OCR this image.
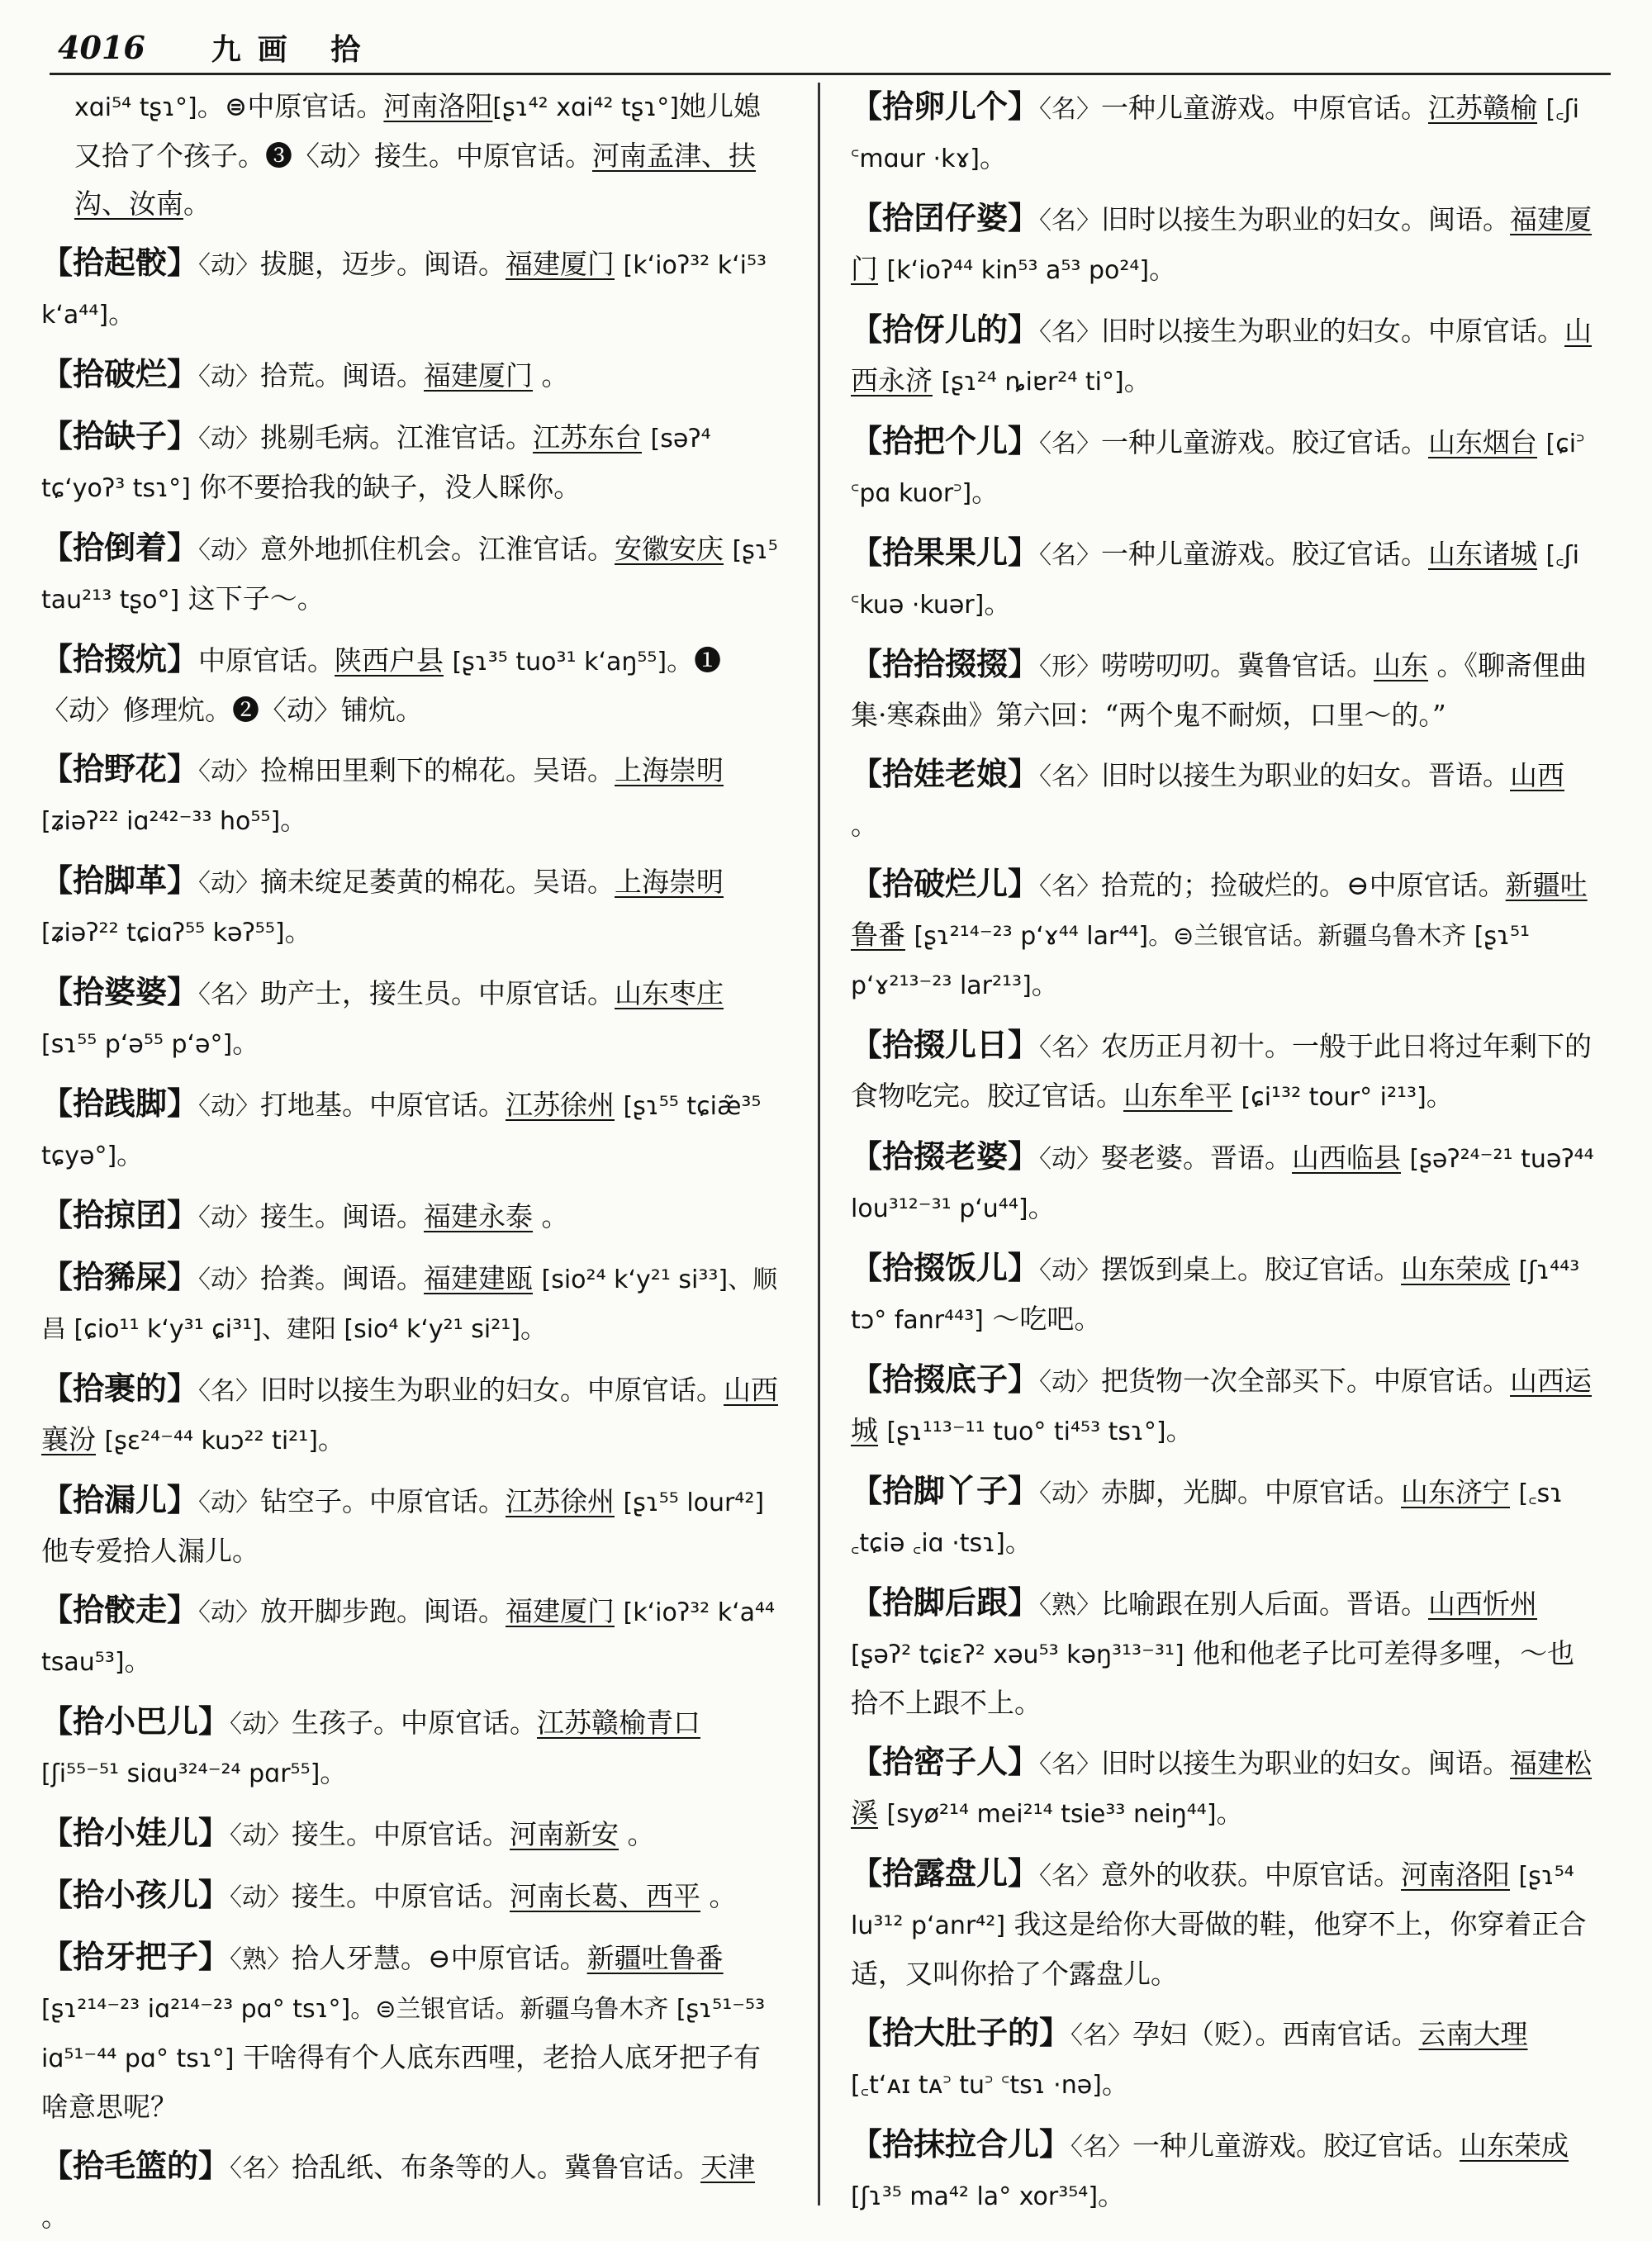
4016 九画 拾
xɑi⁵⁴ tʂɿ°]。⊜中原官话。河南洛阳[ʂɿ⁴² xɑi⁴² tʂɿ°]她儿媳又拾了个孩子。❸〈动〉接生。中原官话。河南孟津、扶沟、汝南。
【拾起骹】〈动〉拔腿，迈步。闽语。福建厦门 [kʻioʔ³² kʻi⁵³ kʻa⁴⁴]。
【拾破烂】〈动〉拾荒。闽语。福建厦门 。
【拾缺子】〈动〉挑剔毛病。江淮官话。江苏东台 [səʔ⁴ tɕʻyoʔ³ tsɿ°] 你不要拾我的缺子，没人睬你。
【拾倒着】〈动〉意外地抓住机会。江淮官话。安徽安庆 [ʂɿ⁵ tau²¹³ tʂo°] 这下子～。
【拾掇炕】中原官话。陕西户县 [ʂɿ³⁵ tuo³¹ kʻaŋ⁵⁵]。❶〈动〉修理炕。❷〈动〉铺炕。
【拾野花】〈动〉捡棉田里剩下的棉花。吴语。上海崇明 [ʑiəʔ²² iɑ²⁴²⁻³³ ho⁵⁵]。
【拾脚革】〈动〉摘未绽足萎黄的棉花。吴语。上海崇明 [ʑiəʔ²² tɕiɑʔ⁵⁵ kəʔ⁵⁵]。
【拾婆婆】〈名〉助产士，接生员。中原官话。山东枣庄 [sɿ⁵⁵ pʻə⁵⁵ pʻə°]。
【拾践脚】〈动〉打地基。中原官话。江苏徐州 [ʂɿ⁵⁵ tɕiæ̃³⁵ tɕyə°]。
【拾掠囝】〈动〉接生。闽语。福建永泰 。
【拾豨屎】〈动〉拾粪。闽语。福建建瓯 [sio²⁴ kʻy²¹ si³³]、顺昌 [ɕio¹¹ kʻy³¹ ɕi³¹]、建阳 [sio⁴ kʻy²¹ si²¹]。
【拾裹的】〈名〉旧时以接生为职业的妇女。中原官话。山西襄汾 [ʂɛ²⁴⁻⁴⁴ kuɔ²² ti²¹]。
【拾漏儿】〈动〉钻空子。中原官话。江苏徐州 [ʂɿ⁵⁵ lour⁴²] 他专爱拾人漏儿。
【拾骹走】〈动〉放开脚步跑。闽语。福建厦门 [kʻioʔ³² kʻa⁴⁴ tsau⁵³]。
【拾小巴儿】〈动〉生孩子。中原官话。江苏赣榆青口 [ʃi⁵⁵⁻⁵¹ siɑu³²⁴⁻²⁴ pɑr⁵⁵]。
【拾小娃儿】〈动〉接生。中原官话。河南新安 。
【拾小孩儿】〈动〉接生。中原官话。河南长葛、西平 。
【拾牙把子】〈熟〉拾人牙慧。⊖中原官话。新疆吐鲁番 [ʂɿ²¹⁴⁻²³ iɑ²¹⁴⁻²³ pɑ° tsɿ°]。⊜兰银官话。新疆乌鲁木齐 [ʂɿ⁵¹⁻⁵³ iɑ⁵¹⁻⁴⁴ pɑ° tsɿ°] 干啥得有个人底东西哩，老拾人底牙把子有啥意思呢？
【拾毛篮的】〈名〉拾乱纸、布条等的人。冀鲁官话。天津 。
【拾卵儿个】〈名〉一种儿童游戏。中原官话。江苏赣榆 [꜀ʃi ꜂mɑur ·kɤ]。
【拾囝仔婆】〈名〉旧时以接生为职业的妇女。闽语。福建厦门 [kʻioʔ⁴⁴ kin⁵³ a⁵³ po²⁴]。
【拾伢儿的】〈名〉旧时以接生为职业的妇女。中原官话。山西永济 [ʂɿ²⁴ ȵiɐr²⁴ ti°]。
【拾把个儿】〈名〉一种儿童游戏。胶辽官话。山东烟台 [ɕi꜄ ꜂pɑ kuor꜄]。
【拾果果儿】〈名〉一种儿童游戏。胶辽官话。山东诸城 [꜀ʃi ꜂kuə ·kuər]。
【拾拾掇掇】〈形〉唠唠叨叨。冀鲁官话。山东 。《聊斋俚曲集·寒森曲》第六回：“两个鬼不耐烦，口里～的。”
【拾娃老娘】〈名〉旧时以接生为职业的妇女。晋语。山西 。
【拾破烂儿】〈名〉拾荒的；捡破烂的。⊖中原官话。新疆吐鲁番 [ʂɿ²¹⁴⁻²³ pʻɤ⁴⁴ lar⁴⁴]。⊜兰银官话。新疆乌鲁木齐 [ʂɿ⁵¹ pʻɤ²¹³⁻²³ lar²¹³]。
【拾掇儿日】〈名〉农历正月初十。一般于此日将过年剩下的食物吃完。胶辽官话。山东牟平 [ɕi¹³² tour° i²¹³]。
【拾掇老婆】〈动〉娶老婆。晋语。山西临县 [ʂəʔ²⁴⁻²¹ tuəʔ⁴⁴ lou³¹²⁻³¹ pʻu⁴⁴]。
【拾掇饭儿】〈动〉摆饭到桌上。胶辽官话。山东荣成 [ʃɿ⁴⁴³ tɔ° fanr⁴⁴³] ～吃吧。
【拾掇底子】〈动〉把货物一次全部买下。中原官话。山西运城 [ʂɿ¹¹³⁻¹¹ tuo° ti⁴⁵³ tsɿ°]。
【拾脚丫子】〈动〉赤脚，光脚。中原官话。山东济宁 [꜀sɿ ꜀tɕiə ꜀iɑ ·tsɿ]。
【拾脚后跟】〈熟〉比喻跟在别人后面。晋语。山西忻州 [ʂəʔ² tɕiɛʔ² xəu⁵³ kəŋ³¹³⁻³¹] 他和他老子比可差得多哩，～也拾不上跟不上。
【拾密子人】〈名〉旧时以接生为职业的妇女。闽语。福建松溪 [syø²¹⁴ mei²¹⁴ tsie³³ neiŋ⁴⁴]。
【拾露盘儿】〈名〉意外的收获。中原官话。河南洛阳 [ʂɿ⁵⁴ lu³¹² pʻanr⁴²] 我这是给你大哥做的鞋，他穿不上，你穿着正合适，又叫你拾了个露盘儿。
【拾大肚子的】〈名〉孕妇（贬）。西南官话。云南大理 [꜀tʻᴀɪ tᴀ꜄ tu꜄ ꜂tsɿ ·nə]。
【拾抹拉合儿】〈名〉一种儿童游戏。胶辽官话。山东荣成 [ʃɿ³⁵ ma⁴² la° xor³⁵⁴]。
